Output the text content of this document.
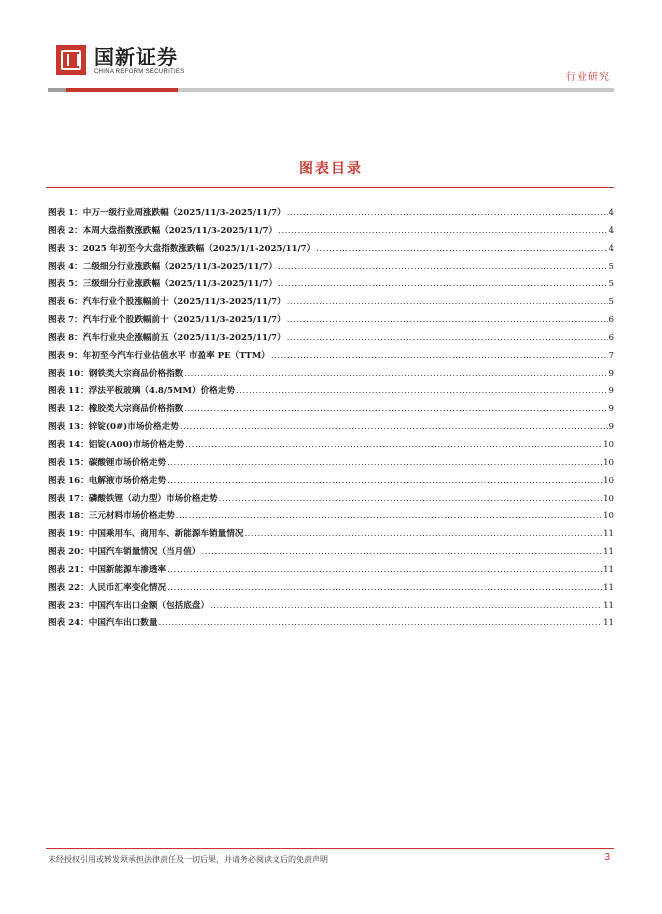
国新证券
CHINA REFORM SECURITIES
行业研究
图表目录
图表 1： 中万一级行业周涨跌幅（2025/11/3-2025/11/7） .....	4
图表 2： 本周大盘指数涨跌幅（2025/11/3-2025/11/7） .....	4
图表 3： 2025 年初至今大盘指数涨跌幅（2025/1/1-2025/11/7） .....	4
图表 4： 二级细分行业涨跌幅（2025/11/3-2025/11/7） .....	5
图表 5： 三级细分行业涨跌幅（2025/11/3-2025/11/7） .....	5
图表 6： 汽车行业个股涨幅前十（2025/11/3-2025/11/7） .....	5
图表 7： 汽车行业个股跌幅前十（2025/11/3-2025/11/7） .....	6
图表 8： 汽车行业央企涨幅前五（2025/11/3-2025/11/7） .....	6
图表 9： 年初至今汽车行业估值水平 市盈率 PE（TTM） .....	7
图表 10： 钢铁类大宗商品价格指数 .....	9
图表 11： 浮法平板玻璃（4.8/5MM）价格走势 .....	9
图表 12： 橡胶类大宗商品价格指数 .....	9
图表 13： 锌锭(0#)市场价格走势 .....	9
图表 14： 铝锭(A00)市场价格走势 .....	10
图表 15： 碳酸锂市场价格走势 .....	10
图表 16： 电解液市场价格走势 .....	10
图表 17： 磷酸铁锂（动力型）市场价格走势 .....	10
图表 18： 三元材料市场价格走势 .....	10
图表 19： 中国乘用车、商用车、新能源车销量情况 .....	11
图表 20： 中国汽车销量情况（当月值） .....	11
图表 21： 中国新能源车渗透率 .....	11
图表 22： 人民币汇率变化情况 .....	11
图表 23： 中国汽车出口金额（包括底盘） .....	11
图表 24： 中国汽车出口数量 .....	11
未经授权引用或转发须承担法律责任及一切后果，并请务必阅读文后的免责声明	3
